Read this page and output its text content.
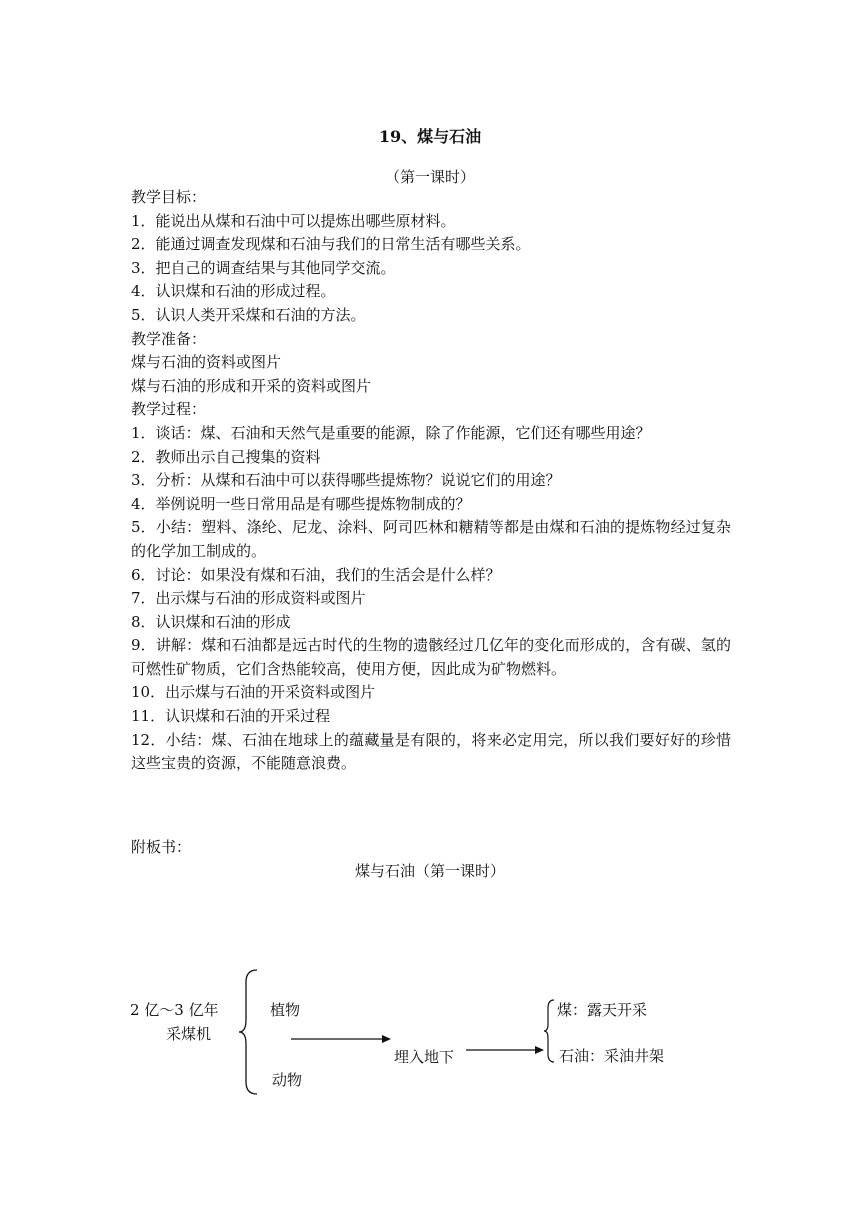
19、煤与石油
（第一课时）
教学目标：
1．能说出从煤和石油中可以提炼出哪些原材料。
2．能通过调查发现煤和石油与我们的日常生活有哪些关系。
3．把自己的调查结果与其他同学交流。
4．认识煤和石油的形成过程。
5．认识人类开采煤和石油的方法。
教学准备：
煤与石油的资料或图片
煤与石油的形成和开采的资料或图片
教学过程：
1．谈话：煤、石油和天然气是重要的能源，除了作能源，它们还有哪些用途？
2．教师出示自己搜集的资料
3．分析：从煤和石油中可以获得哪些提炼物？说说它们的用途？
4．举例说明一些日常用品是有哪些提炼物制成的？
5．小结：塑料、涤纶、尼龙、涂料、阿司匹林和糖精等都是由煤和石油的提炼物经过复杂的化学加工制成的。
6．讨论：如果没有煤和石油，我们的生活会是什么样？
7．出示煤与石油的形成资料或图片
8．认识煤和石油的形成
9．讲解：煤和石油都是远古时代的生物的遗骸经过几亿年的变化而形成的，含有碳、氢的可燃性矿物质，它们含热能较高，使用方便，因此成为矿物燃料。
10．出示煤与石油的开采资料或图片
11．认识煤和石油的开采过程
12．小结：煤、石油在地球上的蕴藏量是有限的，将来必定用完，所以我们要好好的珍惜这些宝贵的资源，不能随意浪费。
附板书：
煤与石油（第一课时）
2 亿～3 亿年
采煤机
植物
动物
埋入地下
煤：露天开采
石油：采油井架
